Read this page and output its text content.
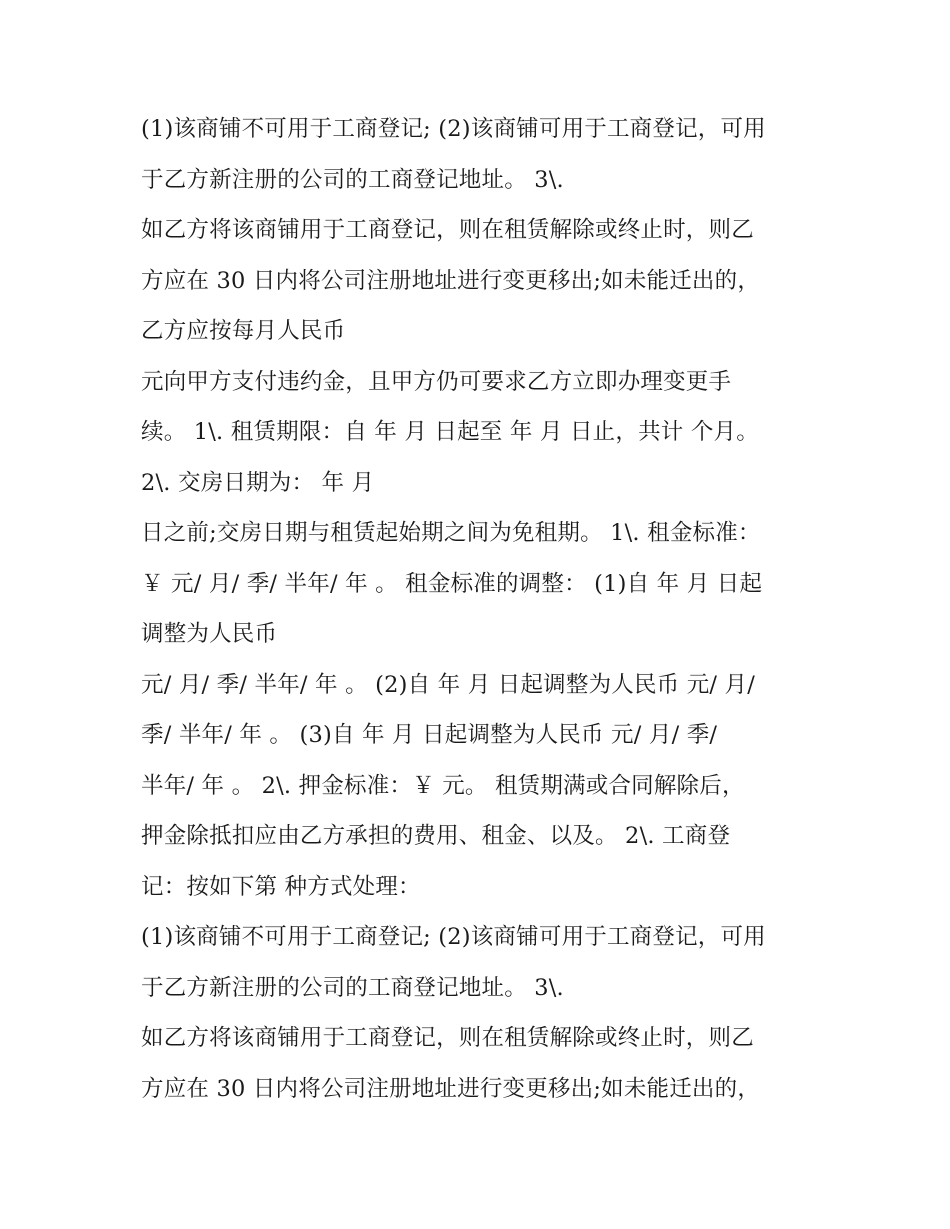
(1)该商铺不可用于工商登记; (2)该商铺可用于工商登记，可用
于乙方新注册的公司的工商登记地址。 3\.
如乙方将该商铺用于工商登记，则在租赁解除或终止时，则乙
方应在 30 日内将公司注册地址进行变更移出;如未能迁出的，
乙方应按每月人民币
元向甲方支付违约金，且甲方仍可要求乙方立即办理变更手
续。 1\. 租赁期限：自 年 月 日起至 年 月 日止，共计 个月。
2\. 交房日期为： 年 月
日之前;交房日期与租赁起始期之间为免租期。 1\. 租金标准：
￥ 元/ 月/ 季/ 半年/ 年 。 租金标准的调整： (1)自 年 月 日起
调整为人民币
元/ 月/ 季/ 半年/ 年 。 (2)自 年 月 日起调整为人民币 元/ 月/
季/ 半年/ 年 。 (3)自 年 月 日起调整为人民币 元/ 月/ 季/
半年/ 年 。 2\. 押金标准：￥ 元。 租赁期满或合同解除后，
押金除抵扣应由乙方承担的费用、租金、以及。 2\. 工商登
记：按如下第 种方式处理：
(1)该商铺不可用于工商登记; (2)该商铺可用于工商登记，可用
于乙方新注册的公司的工商登记地址。 3\.
如乙方将该商铺用于工商登记，则在租赁解除或终止时，则乙
方应在 30 日内将公司注册地址进行变更移出;如未能迁出的，
